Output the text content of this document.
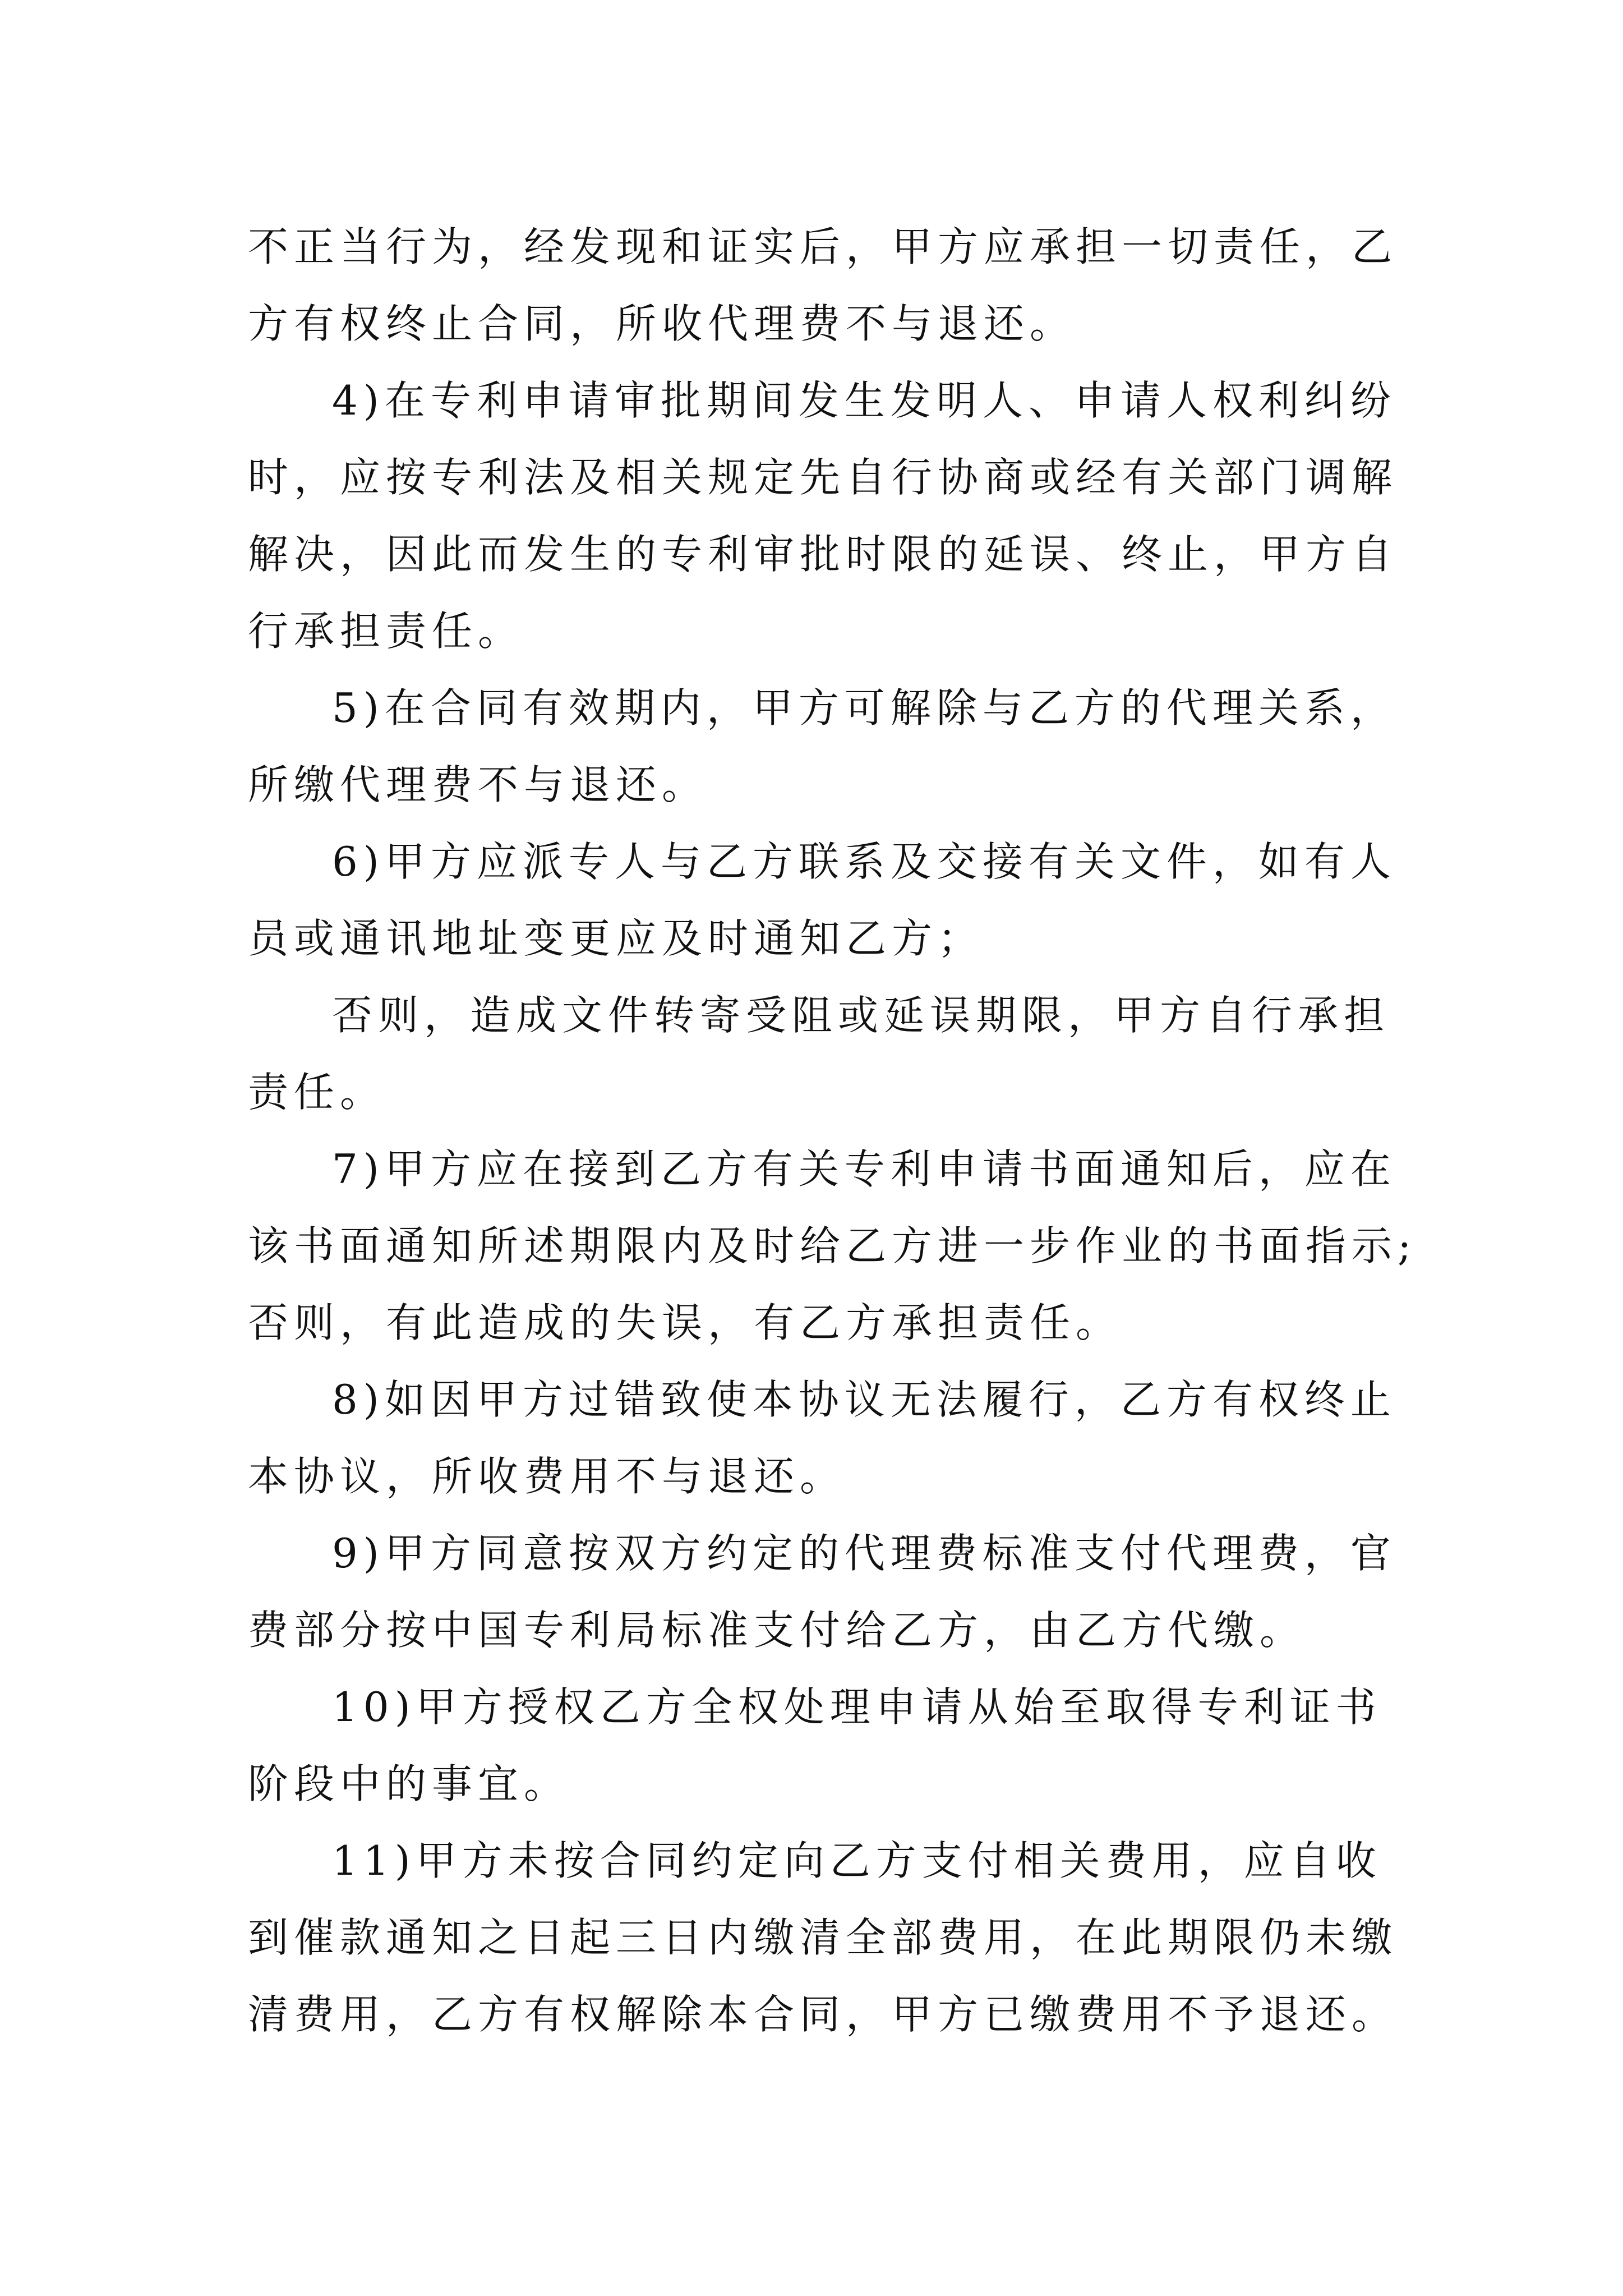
不正当行为，经发现和证实后，甲方应承担一切责任，乙方有权终止合同，所收代理费不与退还。

4)在专利申请审批期间发生发明人、申请人权利纠纷时，应按专利法及相关规定先自行协商或经有关部门调解解决，因此而发生的专利审批时限的延误、终止，甲方自行承担责任。

5)在合同有效期内，甲方可解除与乙方的代理关系，所缴代理费不与退还。

6)甲方应派专人与乙方联系及交接有关文件，如有人员或通讯地址变更应及时通知乙方；

否则，造成文件转寄受阻或延误期限，甲方自行承担责任。

7)甲方应在接到乙方有关专利申请书面通知后，应在该书面通知所述期限内及时给乙方进一步作业的书面指示;否则，有此造成的失误，有乙方承担责任。

8)如因甲方过错致使本协议无法履行，乙方有权终止本协议，所收费用不与退还。

9)甲方同意按双方约定的代理费标准支付代理费，官费部分按中国专利局标准支付给乙方，由乙方代缴。

10)甲方授权乙方全权处理申请从始至取得专利证书阶段中的事宜。

11)甲方未按合同约定向乙方支付相关费用，应自收到催款通知之日起三日内缴清全部费用，在此期限仍未缴清费用，乙方有权解除本合同，甲方已缴费用不予退还。
